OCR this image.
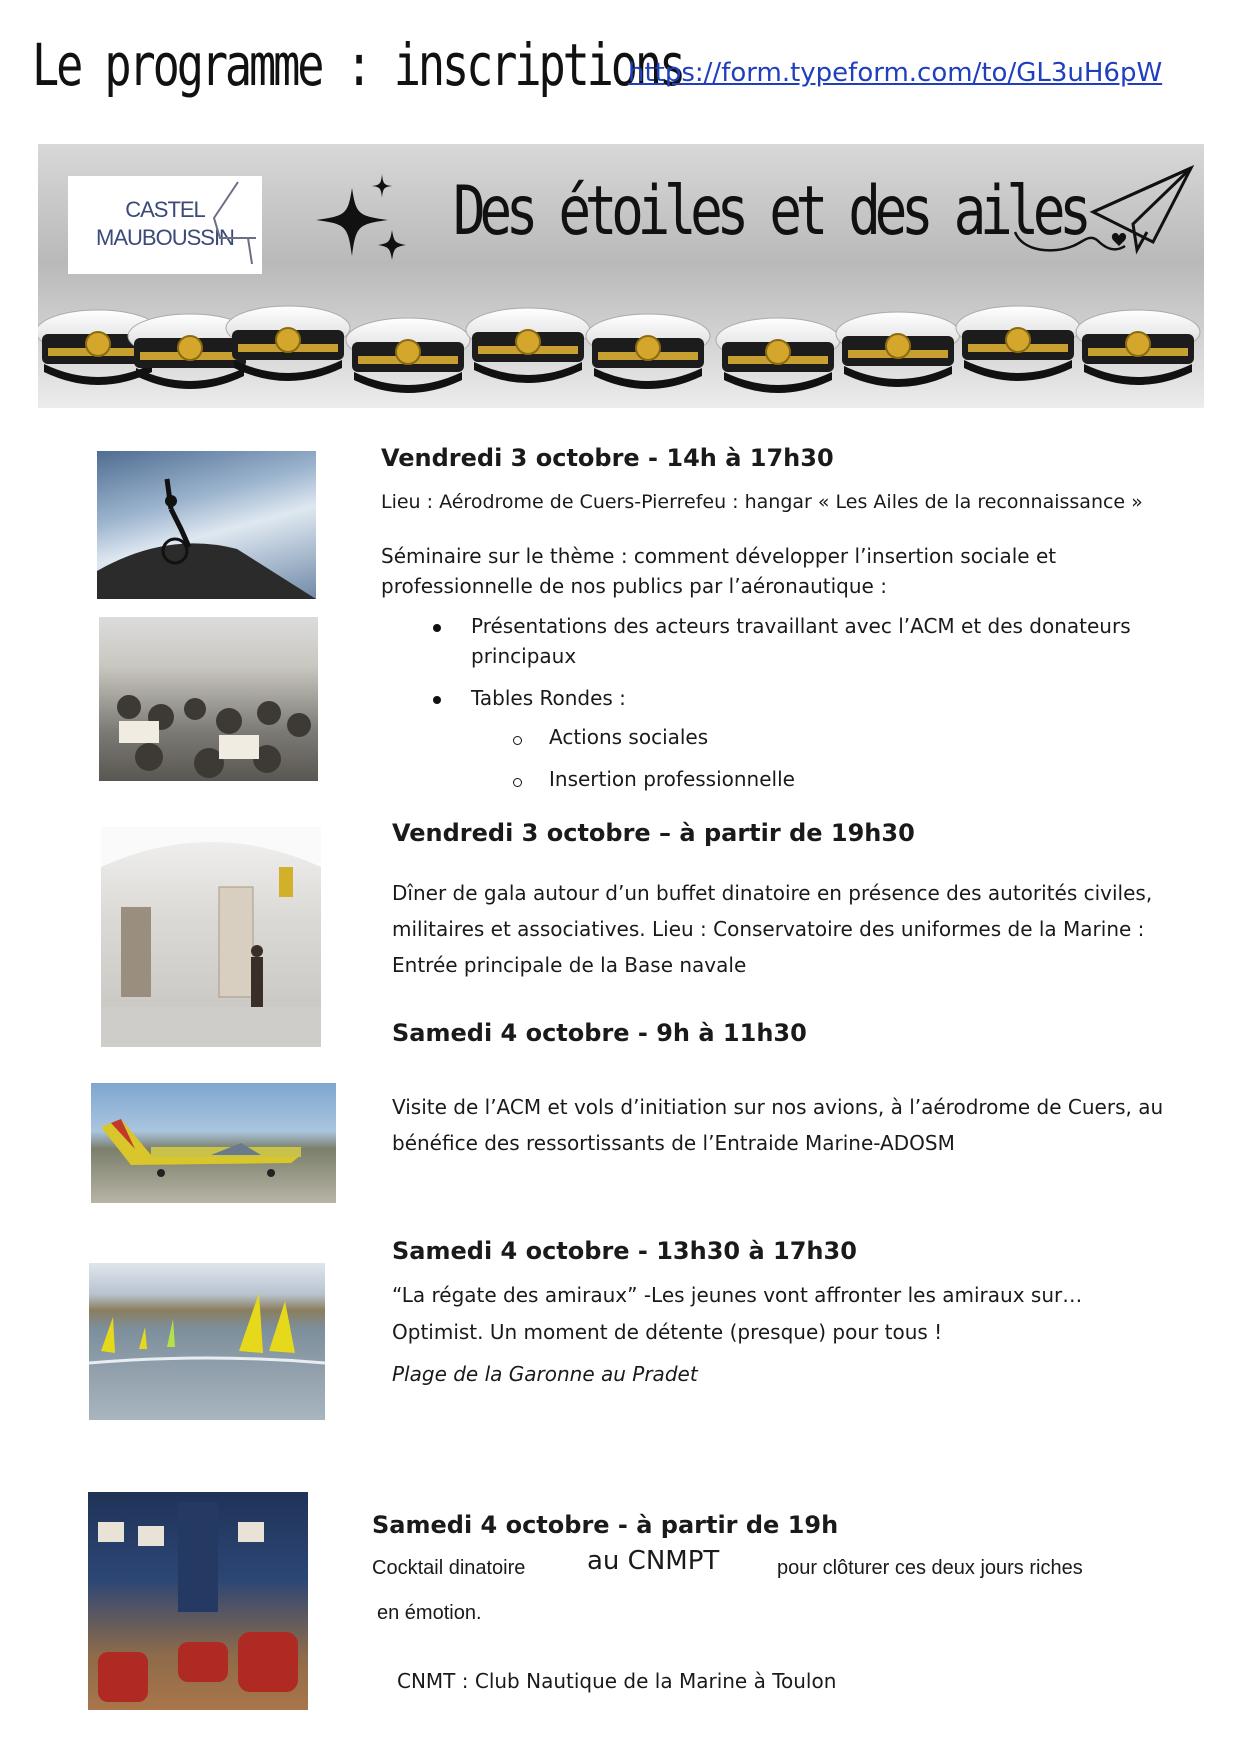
Le programme : inscriptions
https://form.typeform.com/to/GL3uH6pW
CASTEL
MAUBOUSSIN	Des étoiles et des ailes
Vendredi 3 octobre - 14h à 17h30
Lieu : Aérodrome de Cuers-Pierrefeu : hangar « Les Ailes de la reconnaissance »
Séminaire sur le thème : comment développer l’insertion sociale et professionnelle de nos publics par l’aéronautique :
Présentations des acteurs travaillant avec l’ACM et des donateurs principaux
Tables Rondes :
Actions sociales
Insertion professionnelle
Vendredi 3 octobre – à partir de 19h30
Dîner de gala autour d’un buffet dinatoire en présence des autorités civiles, militaires et associatives. Lieu : Conservatoire des uniformes de la Marine : Entrée principale de la Base navale
Samedi 4 octobre - 9h à 11h30
Visite de l’ACM et vols d’initiation sur nos avions, à l’aérodrome de Cuers, au bénéfice des ressortissants de l’Entraide Marine-ADOSM
Samedi 4 octobre - 13h30 à 17h30
“La régate des amiraux” -Les jeunes vont affronter les amiraux sur… Optimist. Un moment de détente (presque) pour tous !
Plage de la Garonne au Pradet
Samedi 4 octobre - à partir de 19h
Cocktail dinatoire au CNMPT	pour clôturer ces deux jours riches
en émotion.
CNMT : Club Nautique de la Marine à Toulon
